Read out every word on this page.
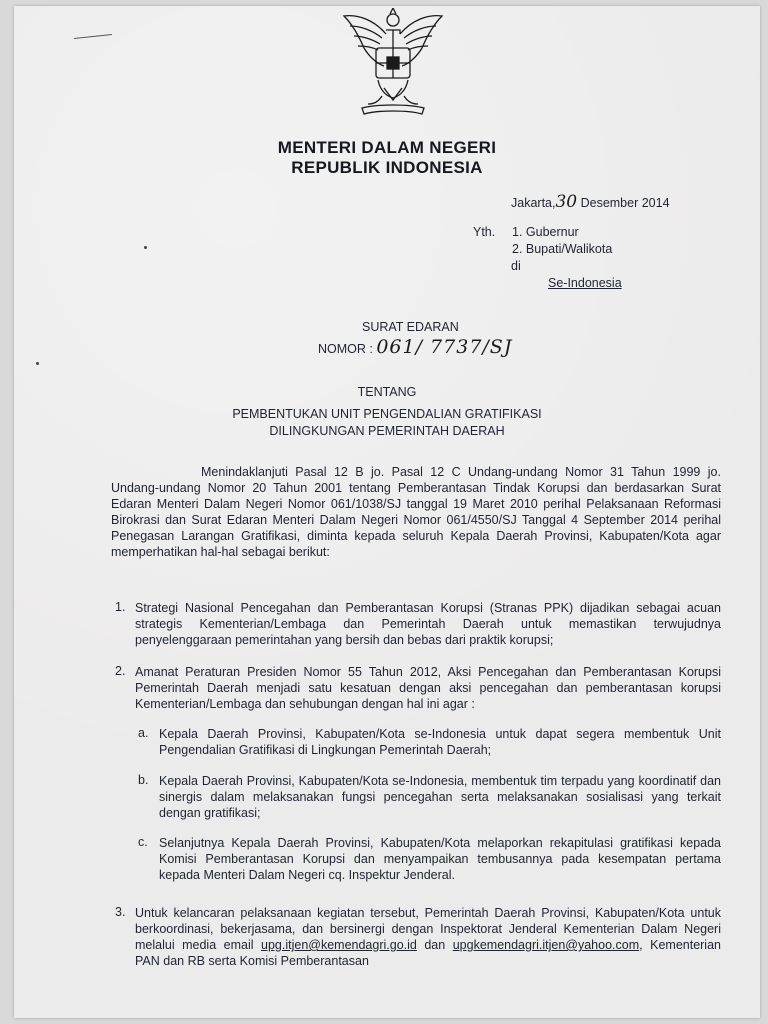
MENTERI DALAM NEGERI
REPUBLIK INDONESIA
Jakarta,30 Desember 2014
Yth. 1. Gubernur
2. Bupati/Walikota
di
Se-Indonesia
SURAT EDARAN
NOMOR : 061/ 7737/SJ
TENTANG
PEMBENTUKAN UNIT PENGENDALIAN GRATIFIKASI
DILINGKUNGAN PEMERINTAH DAERAH
Menindaklanjuti Pasal 12 B jo. Pasal 12 C Undang-undang Nomor 31 Tahun 1999 jo. Undang-undang Nomor 20 Tahun 2001 tentang Pemberantasan Tindak Korupsi dan berdasarkan Surat Edaran Menteri Dalam Negeri Nomor 061/1038/SJ tanggal 19 Maret 2010 perihal Pelaksanaan Reformasi Birokrasi dan Surat Edaran Menteri Dalam Negeri Nomor 061/4550/SJ Tanggal 4 September 2014 perihal Penegasan Larangan Gratifikasi, diminta kepada seluruh Kepala Daerah Provinsi, Kabupaten/Kota agar memperhatikan hal-hal sebagai berikut:
1. Strategi Nasional Pencegahan dan Pemberantasan Korupsi (Stranas PPK) dijadikan sebagai acuan strategis Kementerian/Lembaga dan Pemerintah Daerah untuk memastikan terwujudnya penyelenggaraan pemerintahan yang bersih dan bebas dari praktik korupsi;
2. Amanat Peraturan Presiden Nomor 55 Tahun 2012, Aksi Pencegahan dan Pemberantasan Korupsi Pemerintah Daerah menjadi satu kesatuan dengan aksi pencegahan dan pemberantasan korupsi Kementerian/Lembaga dan sehubungan dengan hal ini agar :
a. Kepala Daerah Provinsi, Kabupaten/Kota se-Indonesia untuk dapat segera membentuk Unit Pengendalian Gratifikasi di Lingkungan Pemerintah Daerah;
b. Kepala Daerah Provinsi, Kabupaten/Kota se-Indonesia, membentuk tim terpadu yang koordinatif dan sinergis dalam melaksanakan fungsi pencegahan serta melaksanakan sosialisasi yang terkait dengan gratifikasi;
c. Selanjutnya Kepala Daerah Provinsi, Kabupaten/Kota melaporkan rekapitulasi gratifikasi kepada Komisi Pemberantasan Korupsi dan menyampaikan tembusannya pada kesempatan pertama kepada Menteri Dalam Negeri cq. Inspektur Jenderal.
3. Untuk kelancaran pelaksanaan kegiatan tersebut, Pemerintah Daerah Provinsi, Kabupaten/Kota untuk berkoordinasi, bekerjasama, dan bersinergi dengan Inspektorat Jenderal Kementerian Dalam Negeri melalui media email upg.itjen@kemendagri.go.id dan upgkemendagri.itjen@yahoo.com, Kementerian PAN dan RB serta Komisi Pemberantasan
